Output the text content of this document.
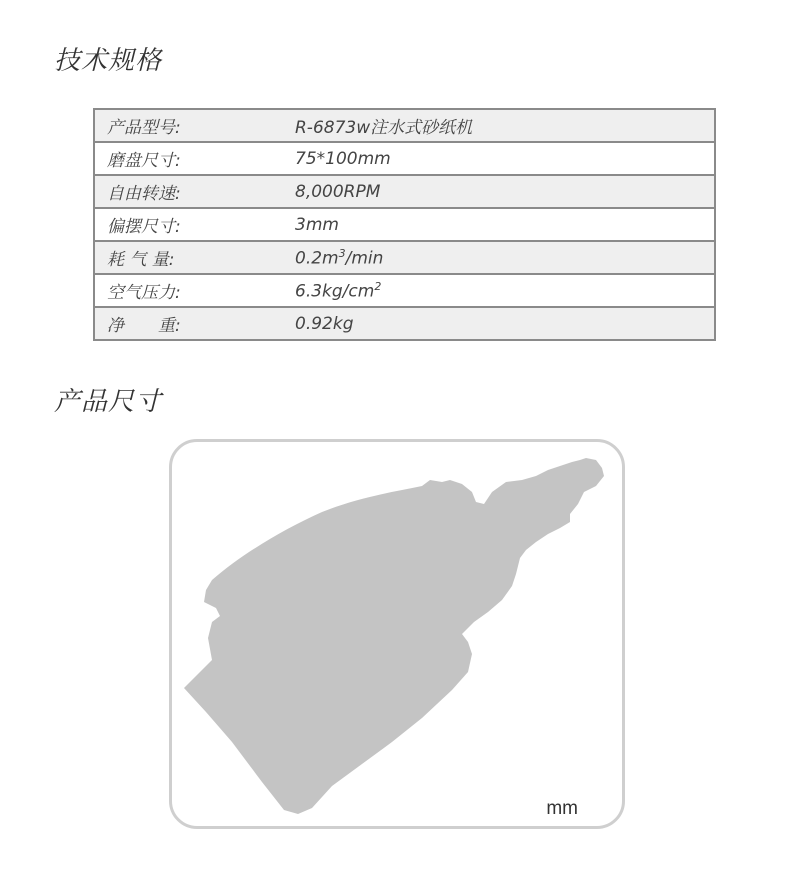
技术规格
产品型号:	R-6873w注水式砂纸机
磨盘尺寸:	75*100mm
自由转速:	8,000RPM
偏摆尺寸:	3mm
耗 气 量:	$0.2m^3/\min$
空气压力:	$6.3kg/cm^2$
净　　重:	0.92kg
产品尺寸
mm
